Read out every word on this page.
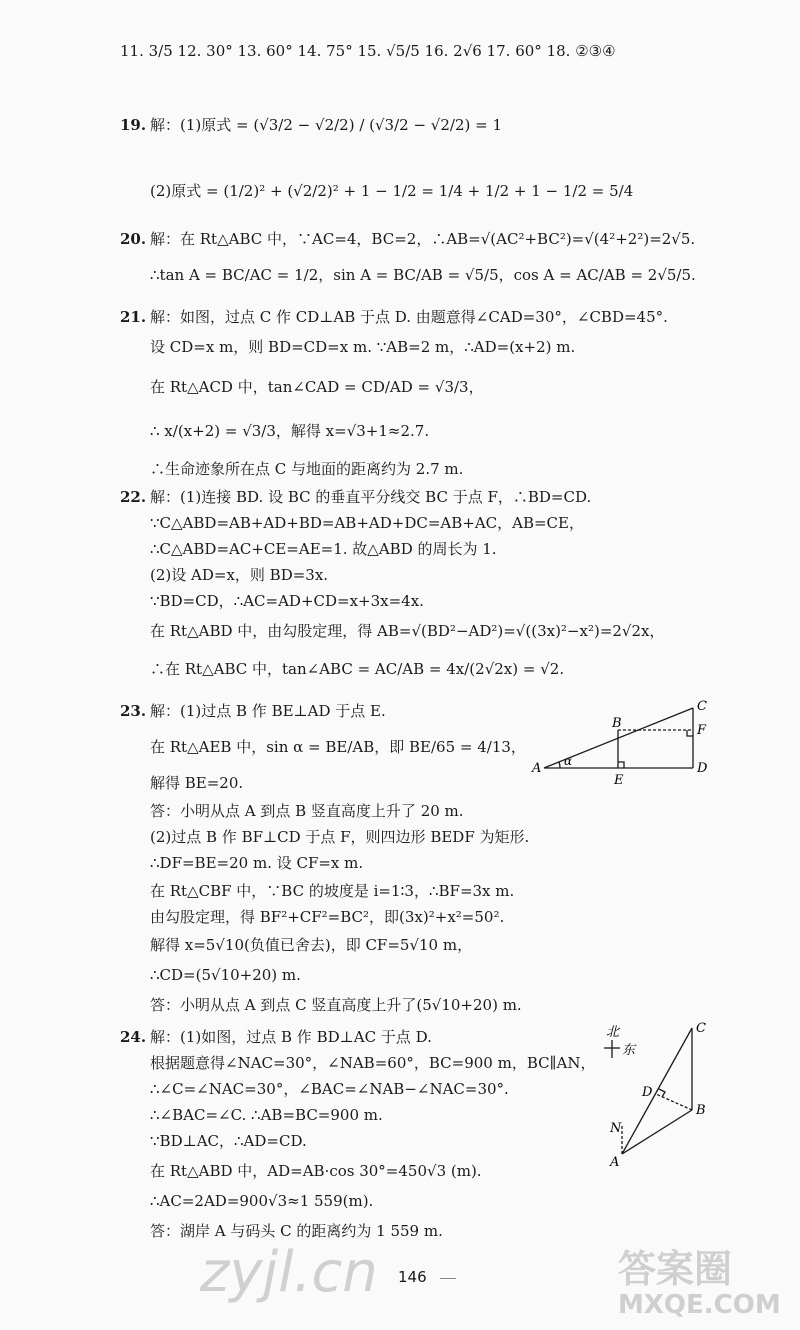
11. 3/5 12. 30° 13. 60° 14. 75° 15. √5/5 16. 2√6 17. 60° 18. ②③④
19. 解：(1)原式 = (√3/2 − √2/2) / (√3/2 − √2/2) = 1
(2)原式 = (1/2)² + (√2/2)² + 1 − 1/2 = 1/4 + 1/2 + 1 − 1/2 = 5/4
20. 解：在 Rt△ABC 中，∵AC=4，BC=2，∴AB=√(AC²+BC²)=√(4²+2²)=2√5.
∴tan A = BC/AC = 1/2，sin A = BC/AB = √5/5，cos A = AC/AB = 2√5/5.
21. 解：如图，过点 C 作 CD⊥AB 于点 D. 由题意得∠CAD=30°，∠CBD=45°.
设 CD=x m，则 BD=CD=x m. ∵AB=2 m，∴AD=(x+2) m.
在 Rt△ACD 中，tan∠CAD = CD/AD = √3/3，
∴ x/(x+2) = √3/3，解得 x=√3+1≈2.7.
∴生命迹象所在点 C 与地面的距离约为 2.7 m.
22. 解：(1)连接 BD. 设 BC 的垂直平分线交 BC 于点 F，∴BD=CD.
∵C△ABD=AB+AD+BD=AB+AD+DC=AB+AC，AB=CE，
∴C△ABD=AC+CE=AE=1. 故△ABD 的周长为 1.
(2)设 AD=x，则 BD=3x.
∵BD=CD，∴AC=AD+CD=x+3x=4x.
在 Rt△ABD 中，由勾股定理，得 AB=√(BD²−AD²)=√((3x)²−x²)=2√2x，
∴在 Rt△ABC 中，tan∠ABC = AC/AB = 4x/(2√2x) = √2.
23. 解：(1)过点 B 作 BE⊥AD 于点 E.
在 Rt△AEB 中，sin α = BE/AB，即 BE/65 = 4/13，
解得 BE=20.
答：小明从点 A 到点 B 竖直高度上升了 20 m.
(2)过点 B 作 BF⊥CD 于点 F，则四边形 BEDF 为矩形.
∴DF=BE=20 m. 设 CF=x m.
在 Rt△CBF 中，∵BC 的坡度是 i=1∶3，∴BF=3x m.
由勾股定理，得 BF²+CF²=BC²，即(3x)²+x²=50².
解得 x=5√10(负值已舍去)，即 CF=5√10 m，
∴CD=(5√10+20) m.
答：小明从点 A 到点 C 竖直高度上升了(5√10+20) m.
A α
B
E
C
F
D
24. 解：(1)如图，过点 B 作 BD⊥AC 于点 D.
根据题意得∠NAC=30°，∠NAB=60°，BC=900 m，BC∥AN，
∴∠C=∠NAC=30°，∠BAC=∠NAB−∠NAC=30°.
∴∠BAC=∠C. ∴AB=BC=900 m.
∵BD⊥AC，∴AD=CD.
在 Rt△ABD 中，AD=AB·cos 30°=450√3 (m).
∴AC=2AD=900√3≈1 559(m).
答：湖岸 A 与码头 C 的距离约为 1 559 m.
北
东
C
D
B
N
A
146
zyjl.cn	答案圈
MXQE.COM
